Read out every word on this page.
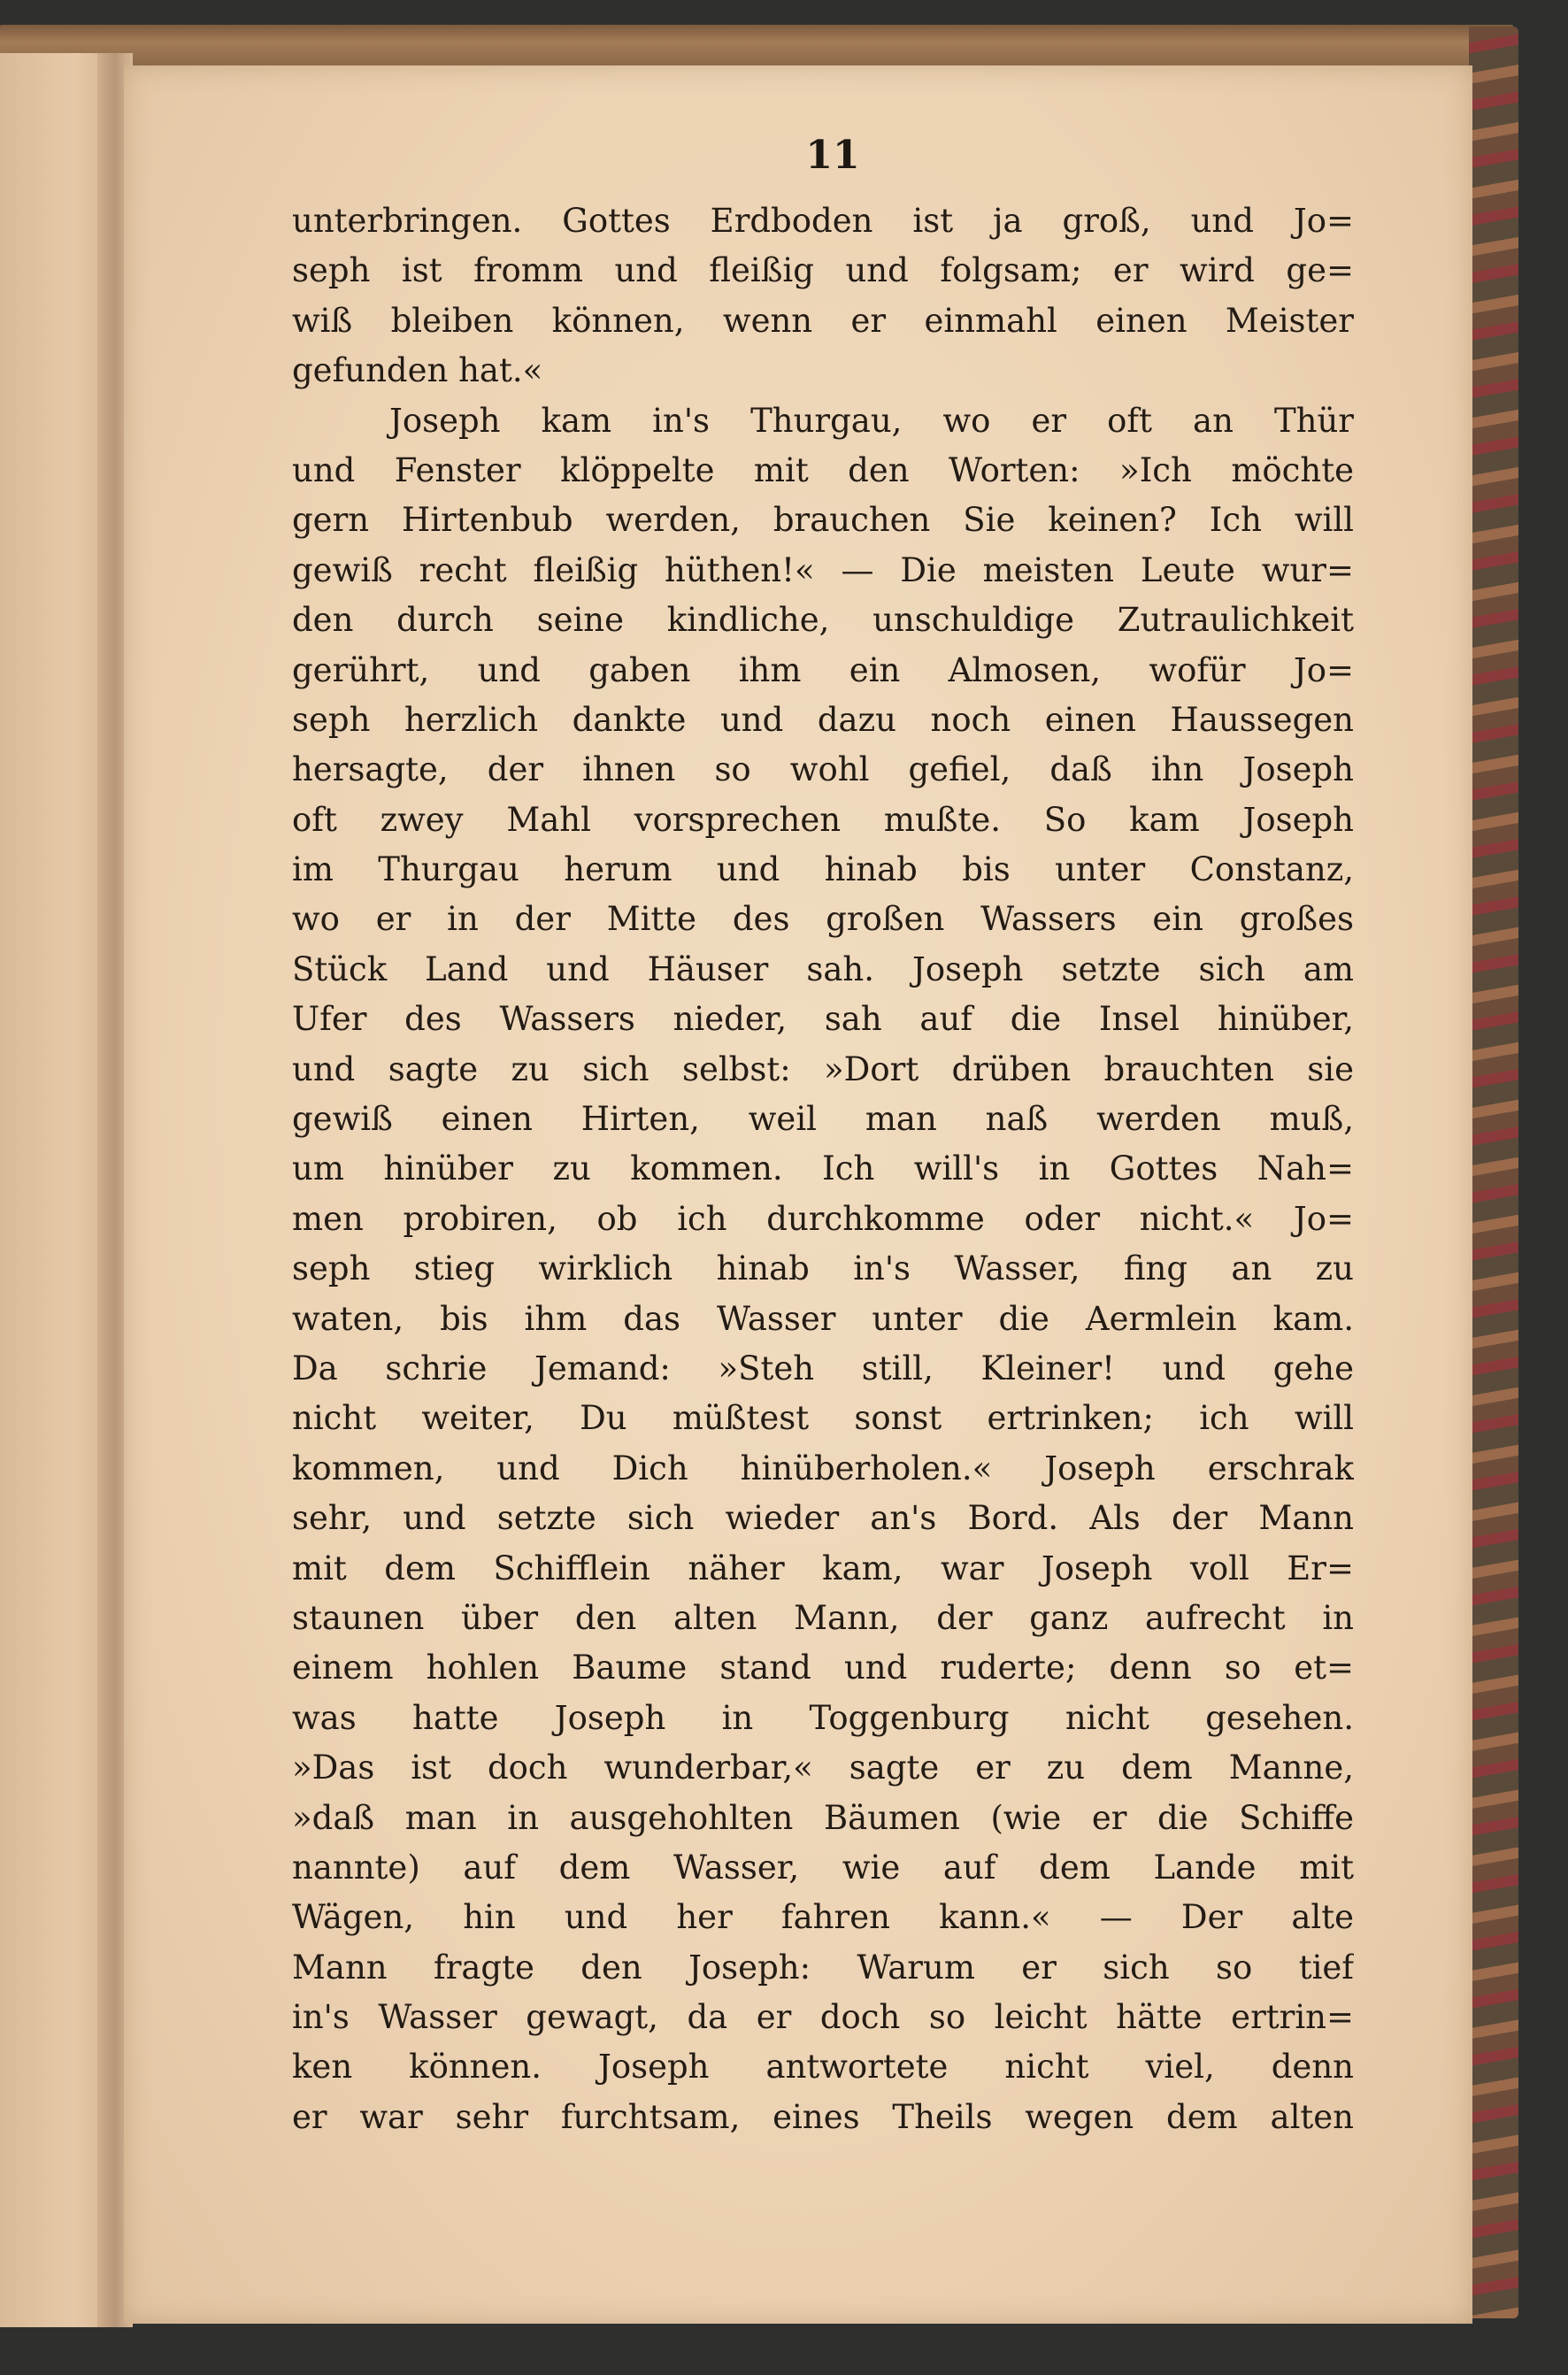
11
unterbringen. Gottes Erdboden ist ja groß, und Jo=
seph ist fromm und fleißig und folgsam; er wird ge=
wiß bleiben können, wenn er einmahl einen Meister
gefunden hat.«
Joseph kam in's Thurgau, wo er oft an Thür
und Fenster klöppelte mit den Worten: »Ich möchte
gern Hirtenbub werden, brauchen Sie keinen? Ich will
gewiß recht fleißig hüthen!« — Die meisten Leute wur=
den durch seine kindliche, unschuldige Zutraulichkeit
gerührt, und gaben ihm ein Almosen, wofür Jo=
seph herzlich dankte und dazu noch einen Haussegen
hersagte, der ihnen so wohl gefiel, daß ihn Joseph
oft zwey Mahl vorsprechen mußte. So kam Joseph
im Thurgau herum und hinab bis unter Constanz,
wo er in der Mitte des großen Wassers ein großes
Stück Land und Häuser sah. Joseph setzte sich am
Ufer des Wassers nieder, sah auf die Insel hinüber,
und sagte zu sich selbst: »Dort drüben brauchten sie
gewiß einen Hirten, weil man naß werden muß,
um hinüber zu kommen. Ich will's in Gottes Nah=
men probiren, ob ich durchkomme oder nicht.« Jo=
seph stieg wirklich hinab in's Wasser, fing an zu
waten, bis ihm das Wasser unter die Aermlein kam.
Da schrie Jemand: »Steh still, Kleiner! und gehe
nicht weiter, Du müßtest sonst ertrinken; ich will
kommen, und Dich hinüberholen.« Joseph erschrak
sehr, und setzte sich wieder an's Bord. Als der Mann
mit dem Schifflein näher kam, war Joseph voll Er=
staunen über den alten Mann, der ganz aufrecht in
einem hohlen Baume stand und ruderte; denn so et=
was hatte Joseph in Toggenburg nicht gesehen.
»Das ist doch wunderbar,« sagte er zu dem Manne,
»daß man in ausgehohlten Bäumen (wie er die Schiffe
nannte) auf dem Wasser, wie auf dem Lande mit
Wägen, hin und her fahren kann.« — Der alte
Mann fragte den Joseph: Warum er sich so tief
in's Wasser gewagt, da er doch so leicht hätte ertrin=
ken können. Joseph antwortete nicht viel, denn
er war sehr furchtsam, eines Theils wegen dem alten
